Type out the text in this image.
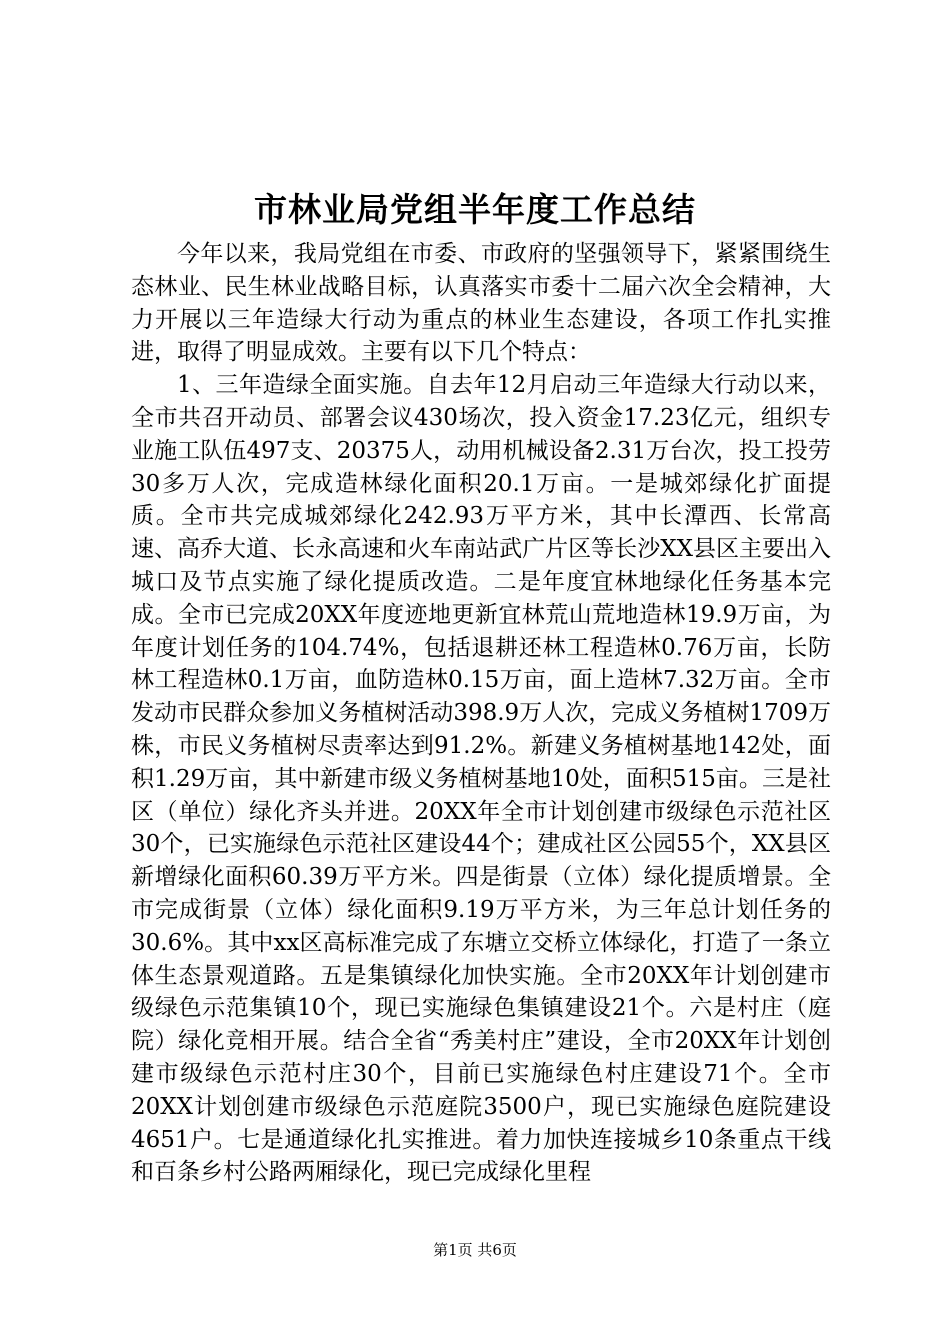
市林业局党组半年度工作总结

今年以来，我局党组在市委、市政府的坚强领导下，紧紧围绕生态林业、民生林业战略目标，认真落实市委十二届六次全会精神，大力开展以三年造绿大行动为重点的林业生态建设，各项工作扎实推进，取得了明显成效。主要有以下几个特点：

1、三年造绿全面实施。自去年12月启动三年造绿大行动以来，全市共召开动员、部署会议430场次，投入资金17.23亿元，组织专业施工队伍497支、20375人，动用机械设备2.31万台次，投工投劳30多万人次，完成造林绿化面积20.1万亩。一是城郊绿化扩面提质。全市共完成城郊绿化242.93万平方米，其中长潭西、长常高速、高乔大道、长永高速和火车南站武广片区等长沙XX县区主要出入城口及节点实施了绿化提质改造。二是年度宜林地绿化任务基本完成。全市已完成20XX年度迹地更新宜林荒山荒地造林19.9万亩，为年度计划任务的104.74%，包括退耕还林工程造林0.76万亩，长防林工程造林0.1万亩，血防造林0.15万亩，面上造林7.32万亩。全市发动市民群众参加义务植树活动398.9万人次，完成义务植树1709万株，市民义务植树尽责率达到91.2%。新建义务植树基地142处，面积1.29万亩，其中新建市级义务植树基地10处，面积515亩。三是社区（单位）绿化齐头并进。20XX年全市计划创建市级绿色示范社区30个，已实施绿色示范社区建设44个；建成社区公园55个，XX县区新增绿化面积60.39万平方米。四是街景（立体）绿化提质增景。全市完成街景（立体）绿化面积9.19万平方米，为三年总计划任务的30.6%。其中xx区高标准完成了东塘立交桥立体绿化，打造了一条立体生态景观道路。五是集镇绿化加快实施。全市20XX年计划创建市级绿色示范集镇10个，现已实施绿色集镇建设21个。六是村庄（庭院）绿化竞相开展。结合全省“秀美村庄”建设，全市20XX年计划创建市级绿色示范村庄30个，目前已实施绿色村庄建设71个。全市20XX计划创建市级绿色示范庭院3500户，现已实施绿色庭院建设4651户。七是通道绿化扎实推进。着力加快连接城乡10条重点干线和百条乡村公路两厢绿化，现已完成绿化里程

第1页 共6页
